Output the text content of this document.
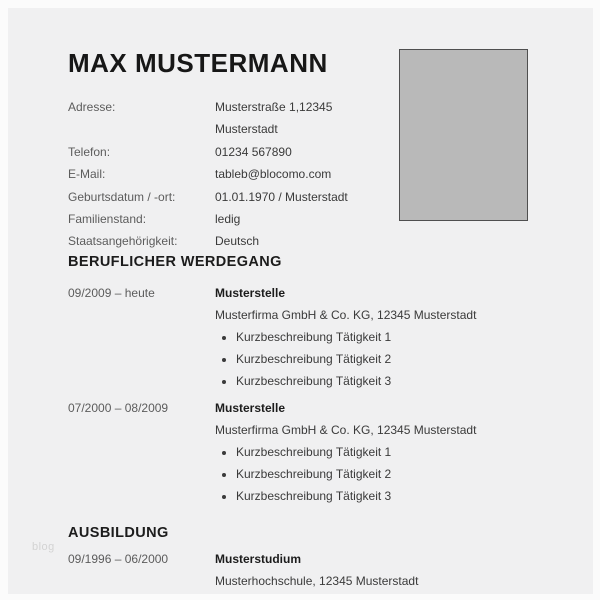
MAX MUSTERMANN
Adresse:	Musterstraße 1,12345 Musterstadt
Telefon:	01234 567890
E-Mail:	tableb@blocomo.com
Geburtsdatum / -ort:	01.01.1970 / Musterstadt
Familienstand:	ledig
Staatsangehörigkeit:	Deutsch
BERUFLICHER WERDEGANG
09/2009 – heute	Musterstelle
Musterfirma GmbH & Co. KG, 12345 Musterstadt
• Kurzbeschreibung Tätigkeit 1
• Kurzbeschreibung Tätigkeit 2
• Kurzbeschreibung Tätigkeit 3
07/2000 – 08/2009	Musterstelle
Musterfirma GmbH & Co. KG, 12345 Musterstadt
• Kurzbeschreibung Tätigkeit 1
• Kurzbeschreibung Tätigkeit 2
• Kurzbeschreibung Tätigkeit 3
AUSBILDUNG
09/1996 – 06/2000	Musterstudium
Musterhochschule, 12345 Musterstadt
blog
